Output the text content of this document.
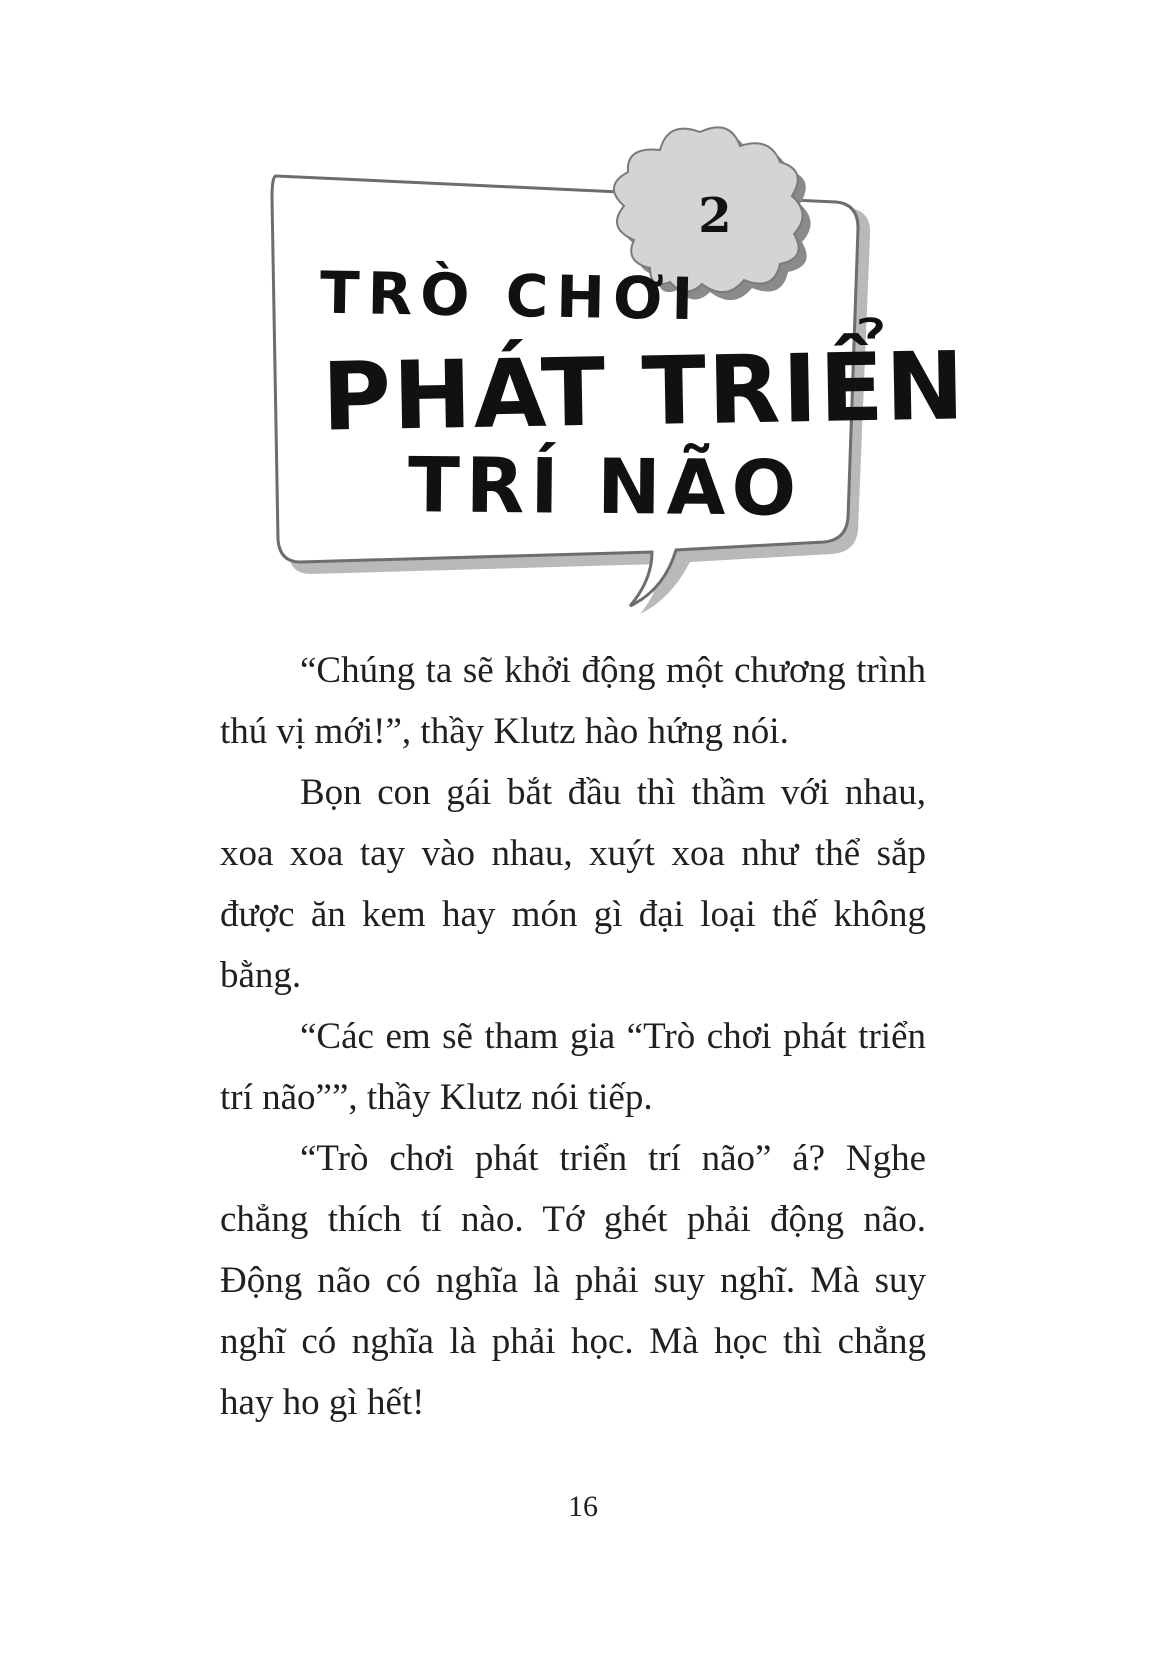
2
TRÒ CHƠI
PHÁT TRIỂN
TRÍ NÃO

“Chúng ta sẽ khởi động một chương trình thú vị mới!”, thầy Klutz hào hứng nói.

Bọn con gái bắt đầu thì thầm với nhau, xoa xoa tay vào nhau, xuýt xoa như thể sắp được ăn kem hay món gì đại loại thế không bằng.

“Các em sẽ tham gia “Trò chơi phát triển trí não””, thầy Klutz nói tiếp.

“Trò chơi phát triển trí não” á? Nghe chẳng thích tí nào. Tớ ghét phải động não. Động não có nghĩa là phải suy nghĩ. Mà suy nghĩ có nghĩa là phải học. Mà học thì chẳng hay ho gì hết!

16
